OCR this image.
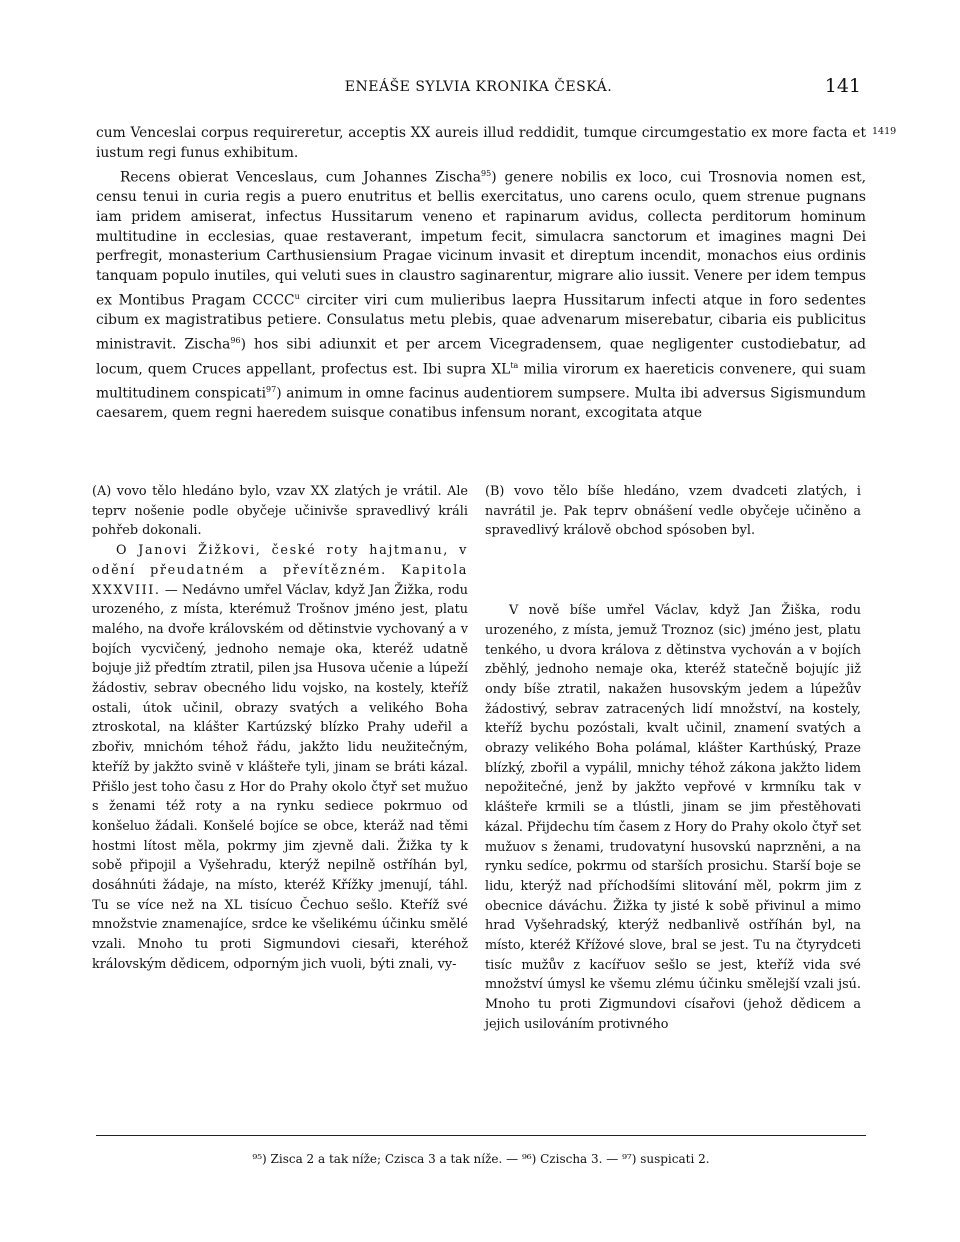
ENEÁŠE SYLVIA KRONIKA ČESKÁ.	141
1419

cum Venceslai corpus requireretur, acceptis XX aureis illud reddidit, tumque circumgestatio ex more facta et iustum regi funus exhibitum.

Recens obierat Venceslaus, cum Johannes Zischa$^{95}$) genere nobilis ex loco, cui Trosnovia nomen est, censu tenui in curia regis a puero enutritus et bellis exercitatus, uno carens oculo, quem strenue pugnans iam pridem amiserat, infectus Hussitarum veneno et rapinarum avidus, collecta perditorum hominum multitudine in ecclesias, quae restaverant, impetum fecit, simulacra sanctorum et imagines magni Dei perfregit, monasterium Carthusiensium Pragae vicinum invasit et direptum incendit, monachos eius ordinis tanquam populo inutiles, qui veluti sues in claustro saginarentur, migrare alio iussit. Venere per idem tempus ex Montibus Pragam CCCC$^u$ circiter viri cum mulieribus laepra Hussitarum infecti atque in foro sedentes cibum ex magistratibus petiere. Consulatus metu plebis, quae advenarum miserebatur, cibaria eis publicitus ministravit. Zischa$^{96}$) hos sibi adiunxit et per arcem Vicegradensem, quae negligenter custodiebatur, ad locum, quem Cruces appellant, profectus est. Ibi supra $XL^{ta}$ milia virorum ex haereticis convenere, qui suam multitudinem conspicati$^{97}$) animum in omne facinus audentiorem sumpsere. Multa ibi adversus Sigismundum caesarem, quem regni haeredem suisque conatibus infensum norant, excogitata atque

(A) vovo tělo hledáno bylo, vzav XX zlatých je vrátil. Ale teprv nošenie podle obyčeje učinivše spravedlivý králi pohřeb dokonali.

O Janovi Žižkovi, české roty hajtmanu, v odění přeudatném a převítězném. Kapitola XXXVIII. — Nedávno umřel Václav, když Jan Žižka, rodu urozeného, z místa, kterémuž Trošnov jméno jest, platu malého, na dvoře královském od dětinstvie vychovaný a v bojích vycvičený, jednoho nemaje oka, kteréž udatně bojuje již předtím ztratil, pilen jsa Husova učenie a lúpeží žádostiv, sebrav obecného lidu vojsko, na kostely, kteříž ostali, útok učinil, obrazy svatých a velikého Boha ztroskotal, na klášter Kartúzský blízko Prahy udeřil a zbořiv, mnichóm téhož řádu, jakžto lidu neužitečným, kteříž by jakžto svině v klášteře tyli, jinam se bráti kázal. Přišlo jest toho času z Hor do Prahy okolo čtyř set mužuo s ženami též roty a na rynku sediece pokrmuo od konšeluo žádali. Konšelé bojíce se obce, kteráž nad těmi hostmi lítost měla, pokrmy jim zjevně dali. Žižka ty k sobě připojil a Vyšehradu, kterýž nepilně ostříhán byl, dosáhnúti žádaje, na místo, kteréž Křížky jmenují, táhl. Tu se více než na XL tisícuo Čechuo sešlo. Kteříž své množstvie znamenajíce, srdce ke všelikému účinku smělé vzali. Mnoho tu proti Sigmundovi ciesaři, kteréhož královským dědicem, odporným jich vuoli, býti znali, vy-

(B) vovo tělo bíše hledáno, vzem dvadceti zlatých, i navrátil je. Pak teprv obnášení vedle obyčeje učiněno a spravedlivý králově obchod spósoben byl.

V nově bíše umřel Václav, když Jan Žiška, rodu urozeného, z místa, jemuž Troznoz (sic) jméno jest, platu tenkého, u dvora králova z dětinstva vychován a v bojích zběhlý, jednoho nemaje oka, kteréž statečně bojujíc již ondy bíše ztratil, nakažen husovským jedem a lúpežův žádostivý, sebrav zatracených lidí množství, na kostely, kteříž bychu pozóstali, kvalt učinil, znamení svatých a obrazy velikého Boha polámal, klášter Karthúský, Praze blízký, zbořil a vypálil, mnichy téhož zákona jakžto lidem nepožitečné, jenž by jakžto vepřové v krmníku tak v klášteře krmili se a tlústli, jinam se jim přestěhovati kázal. Přijdechu tím časem z Hory do Prahy okolo čtyř set mužuov s ženami, trudovatyní husovskú naprzněni, a na rynku sedíce, pokrmu od starších prosichu. Starší boje se lidu, kterýž nad příchodšími slitování měl, pokrm jim z obecnice dáváchu. Žižka ty jisté k sobě přivinul a mimo hrad Vyšehradský, kterýž nedbanlivě ostříhán byl, na místo, kteréž Křížové slove, bral se jest. Tu na čtyrydceti tisíc mužův z kacířuov sešlo se jest, kteříž vida své množství úmysl ke všemu zlému účinku smělejší vzali jsú. Mnoho tu proti Zigmundovi císařovi (jehož dědicem a jejich usilováním protivného

⁹⁵) Zisca 2 a tak níže; Czisca 3 a tak níže. — ⁹⁶) Czischa 3. — ⁹⁷) suspicati 2.
